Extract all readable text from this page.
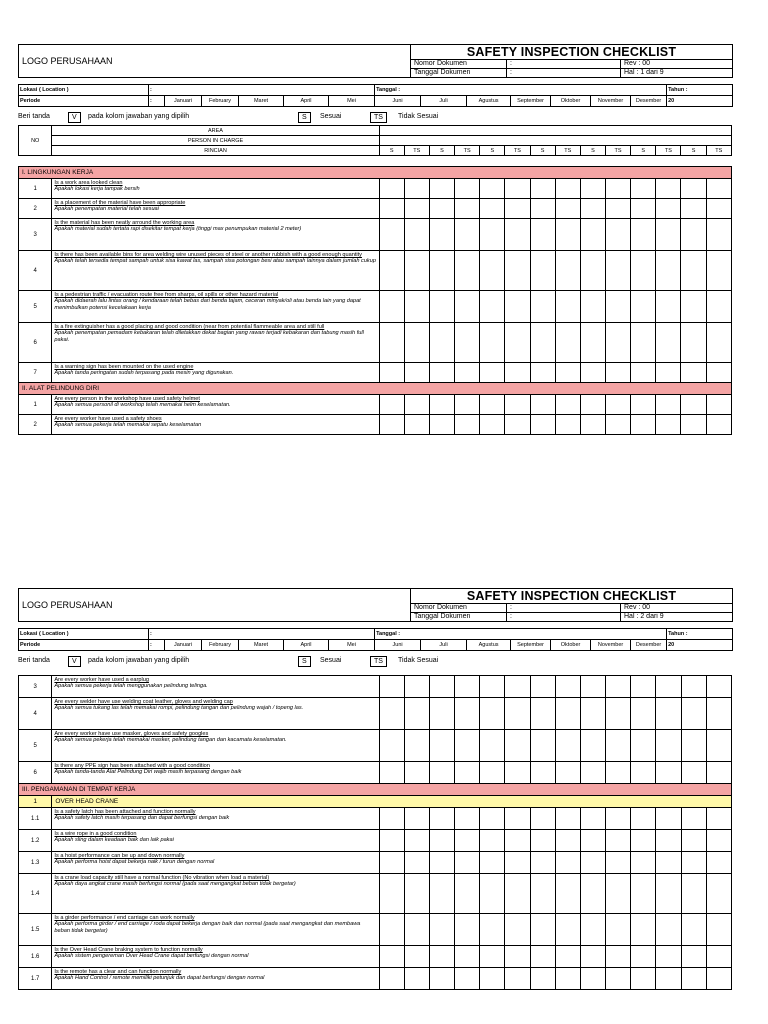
LOGO PERUSAHAAN	SAFETY INSPECTION CHECKLIST		
	Nomor Dokumen	:	Rev : 00
	Tanggal Dokumen	:	Hal : 1 dari 9
Lokasi ( Location )	:						Tanggal :							Tahun :
Periode	:	Januari	February	Maret	April	Mei	Juni	Juli	Agustus	September	Oktober	November	Desember	20
Beri tanda	V	pada kolom jawaban yang dipilih	S	Sesuai	TS	Tidak Sesuai
NO	AREA														
	PERSON IN CHARGE														
	RINCIAN	S	TS	S	TS	S	TS	S	TS	S	TS	S	TS	S	TS
I. LINGKUNGAN KERJA															
1	Is a work area looked clean
Apakah lokasi kerja tampak bersih														

2	Is a placement of the material have been appropriate
Apakah penempatan material telah sesuai														

3	Is the material has been neatly arround the working area
Apakah material sudah tertata rapi disekitar tempat kerja (tinggi max penumpukan material 2 meter)														

4	Is there has been available bins for area welding wire unused pieces of steel or another rubbish with a good enough quantity
Apakah telah tersedia tempat sampah untuk sisa kawat las, sampah sisa potongan besi atau sampah lainnya dalam jumlah cukup														

5	Is a pedestrian traffic / evacuation route free from sharps, oil spills or other hazard material
Apakah didaerah lalu lintas orang / kendaraan telah bebas dari benda tajam, ceceran minyak/oli atau benda lain yang dapat menimbulkan potensi kecelakaan kerja														

6	Is a fire extinguisher has a good placing and good condition (near from potential flammeable area and still full
Apakah penempatan pemadam kebakaran telah diletakkan dekat bagian yang rawan terjadi kebakaran dan tabung masih full pakai.														

7	Is a warning sign has been mounted on the used engine
Apakah tanda peringatan sudah terpasang pada mesin yang digunakan.														

II. ALAT PELINDUNG DIRI															
1	Are every person in the workshop have used safety helmet
Apakah semua personil di workshop telah memakai helm keselamatan.														

2	Are every worker have used a safety shoes
Apakah semua pekerja telah memakai sepatu keselamatan														

LOGO PERUSAHAAN	SAFETY INSPECTION CHECKLIST		
	Nomor Dokumen	:	Rev : 00
	Tanggal Dokumen	:	Hal : 2 dari 9
Lokasi ( Location )	:						Tanggal :							Tahun :
Periode	:	Januari	February	Maret	April	Mei	Juni	Juli	Agustus	September	Oktober	November	Desember	20
Beri tanda	V	pada kolom jawaban yang dipilih	S	Sesuai	TS	Tidak Sesuai
3	Are every worker have used a earplug
Apakah semua pekerja telah menggunakan pelindung telinga.														

4	Are every welder have use welding coat leather, gloves and welding cap
Apakah semua tukang las telah memakai rompi, pelindung tangan dan pelindung wajah / topeng las.														

5	Are every worker have use masker, gloves and safety googles
Apakah semua pekerja telah memakai masker, pelindung tangan dan kacamata keselamatan.														

6	Is there any PPE sign has been attached with a good condition
Apakah tanda-tanda Alat Pelindung Diri wajib masih terpasang dengan baik														

III. PENGAMANAN DI TEMPAT KERJA															
1	OVER HEAD CRANE														
1.1	Is a safety latch has been attached and function normally
Apakah safety latch masih terpasang dan dapat berfungsi dengan baik														

1.2	Is a wire rope in a good condition
Apakah sling dalam keadaan baik dan laik pakai														

1.3	Is a hoist performance can be up and down normally
Apakah performa hoist dapat bekerja naik / turun dengan normal														

1.4	Is a crane load capacity still have a normal function (No vibration when load a material)
Apakah daya angkat crane masih berfungsi normal (pada saat mengangkat beban tidak bergetar)														

1.5	Is a girder performance / end carriage can work normally
Apakah performa girder / end carriage / roda dapat bekerja dengan baik dan normal (pada saat mengangkat dan membawa beban tidak bergetar)														

1.6	Is the Over Head Crane braking system to function normally
Apakah sistem pengereman Over Head Crane dapat berfungsi dengan normal														

1.7	Is the remote has a clear and can function normally
Apakah Hand Control / remote memiliki petunjuk dan dapat berfungsi dengan normal														
